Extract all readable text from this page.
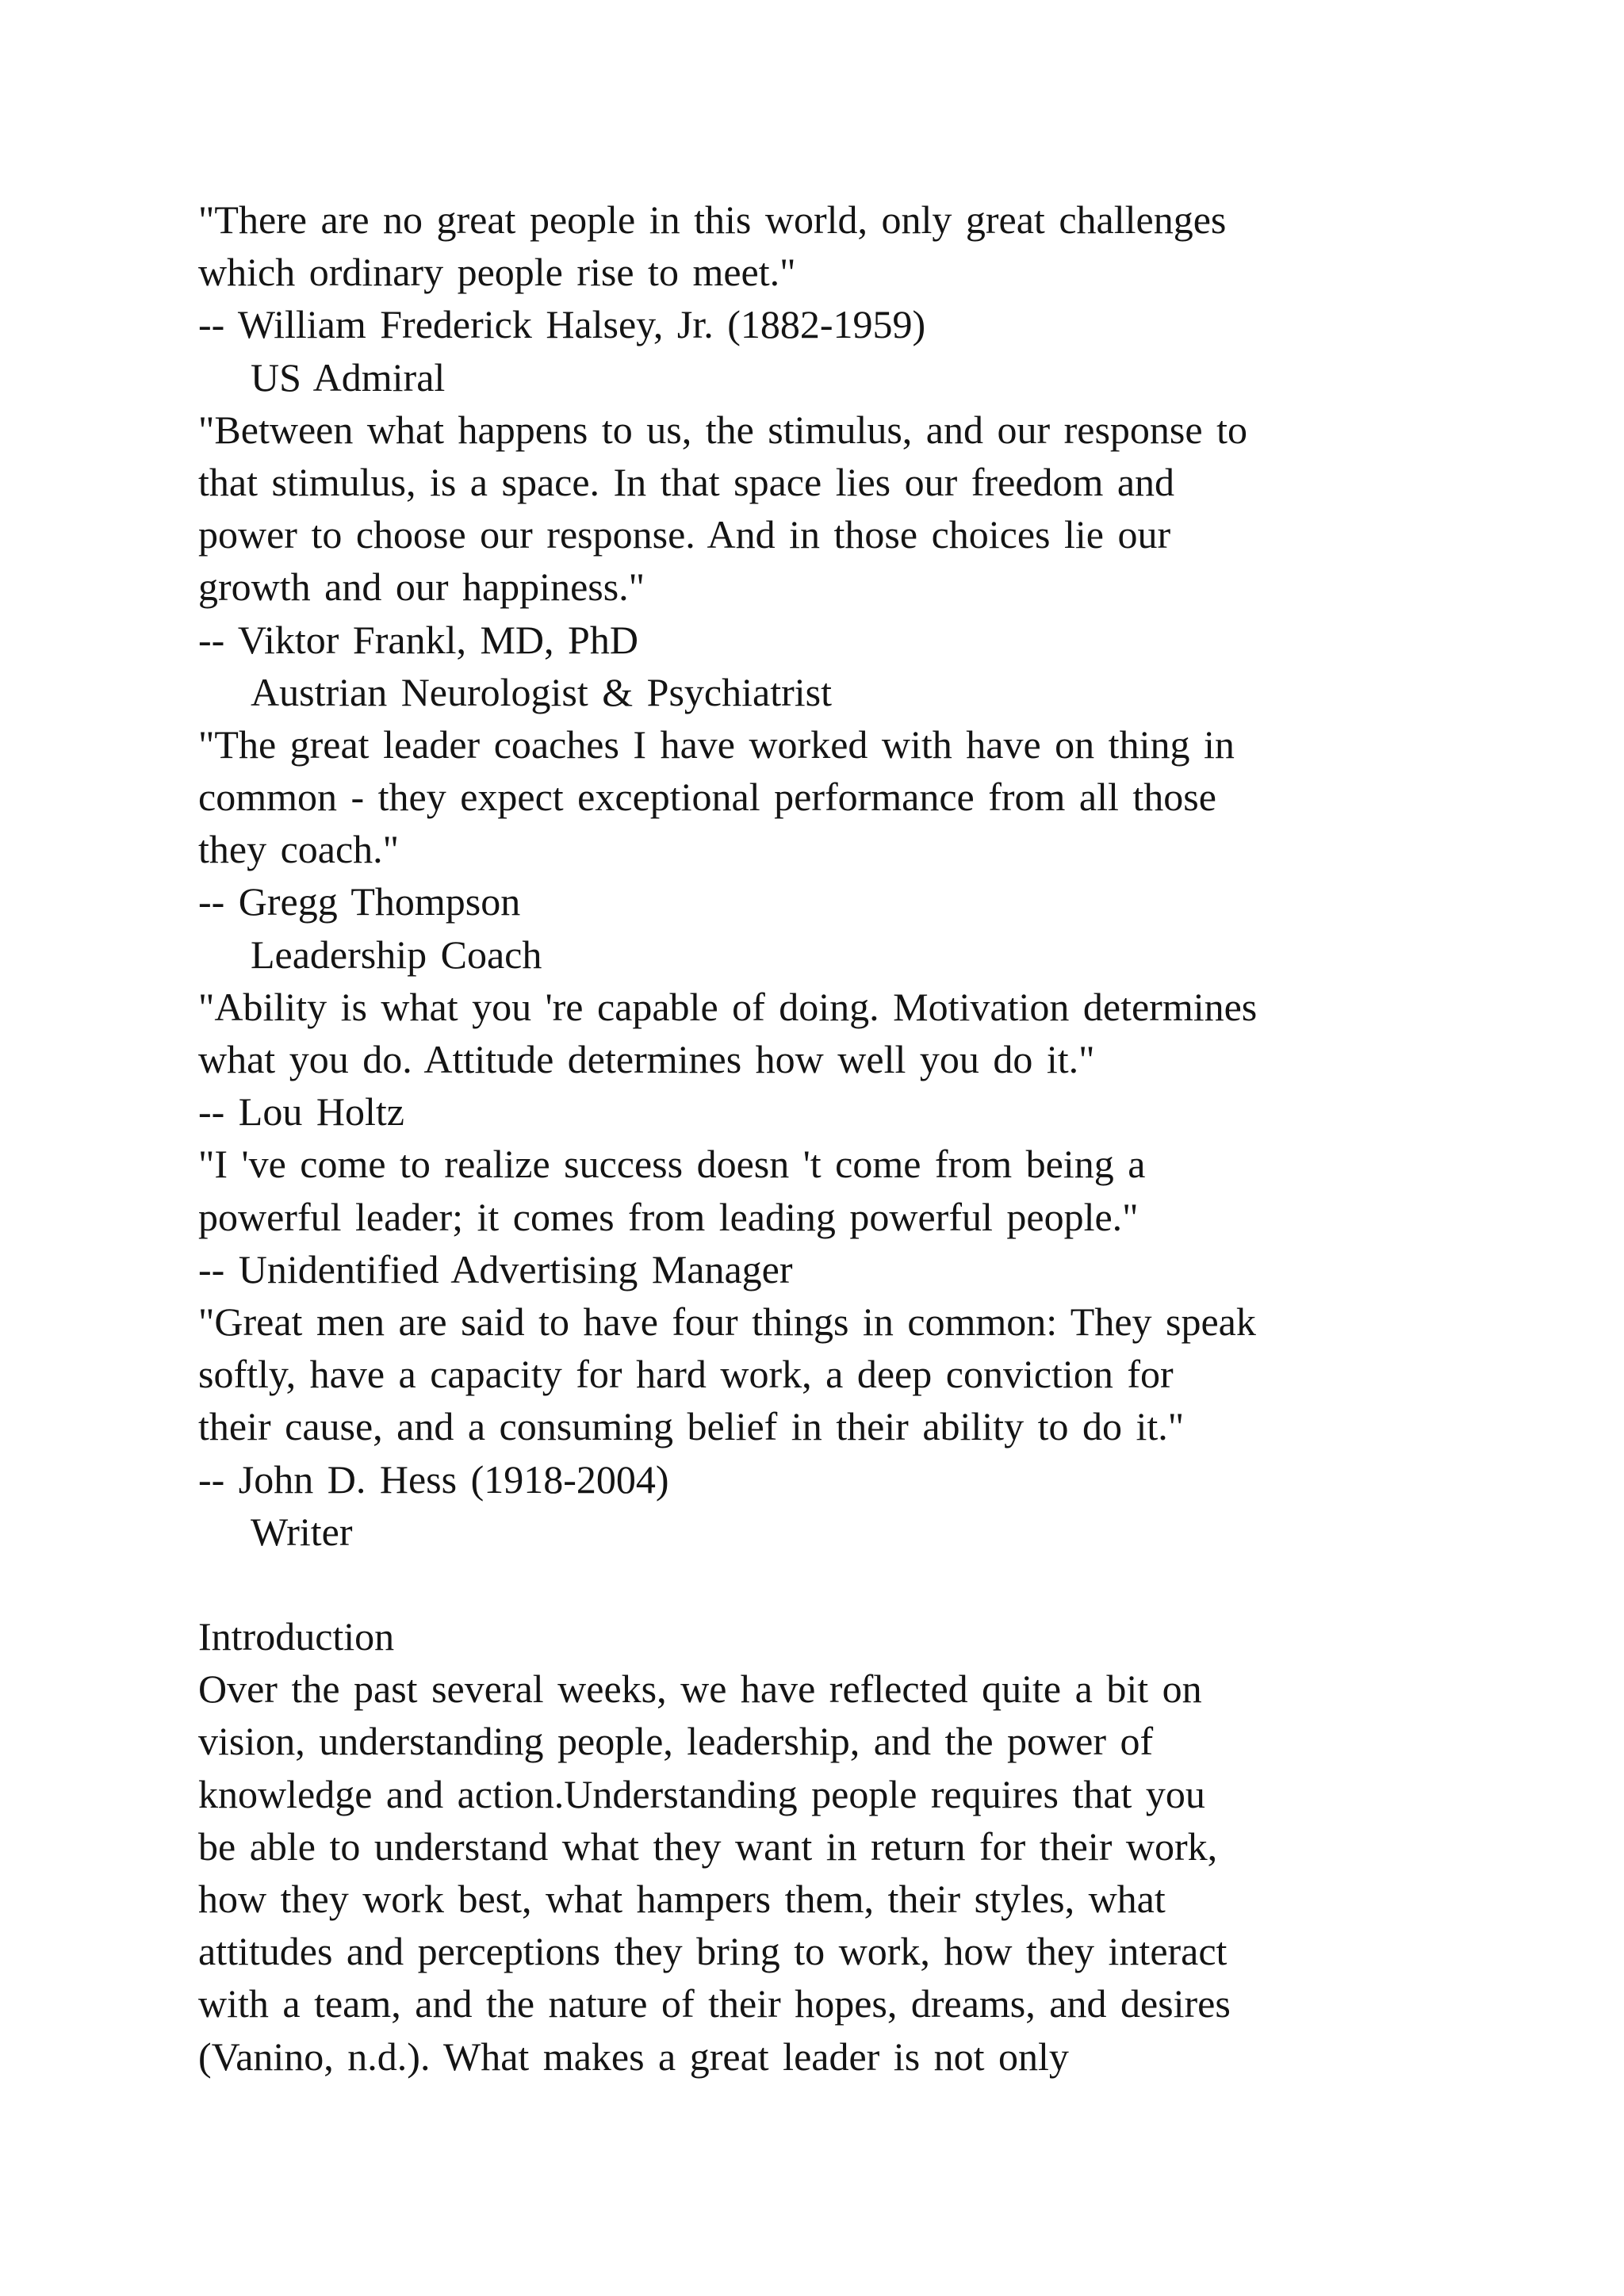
"There are no great people in this world, only great challenges
which ordinary people rise to meet."
-- William Frederick Halsey, Jr. (1882-1959)
US Admiral
"Between what happens to us, the stimulus, and our response to
that stimulus, is a space. In that space lies our freedom and
power to choose our response. And in those choices lie our
growth and our happiness."
-- Viktor Frankl, MD, PhD
Austrian Neurologist & Psychiatrist
"The great leader coaches I have worked with have on thing in
common - they expect exceptional performance from all those
they coach."
-- Gregg Thompson
Leadership Coach
"Ability is what you 're capable of doing. Motivation determines
what you do. Attitude determines how well you do it."
-- Lou Holtz
"I 've come to realize success doesn 't come from being a
powerful leader; it comes from leading powerful people."
-- Unidentified Advertising Manager
"Great men are said to have four things in common: They speak
softly, have a capacity for hard work, a deep conviction for
their cause, and a consuming belief in their ability to do it."
-- John D. Hess (1918-2004)
Writer
Introduction
Over the past several weeks, we have reflected quite a bit on
vision, understanding people, leadership, and the power of
knowledge and action.Understanding people requires that you
be able to understand what they want in return for their work,
how they work best, what hampers them, their styles, what
attitudes and perceptions they bring to work, how they interact
with a team, and the nature of their hopes, dreams, and desires
(Vanino, n.d.). What makes a great leader is not only
